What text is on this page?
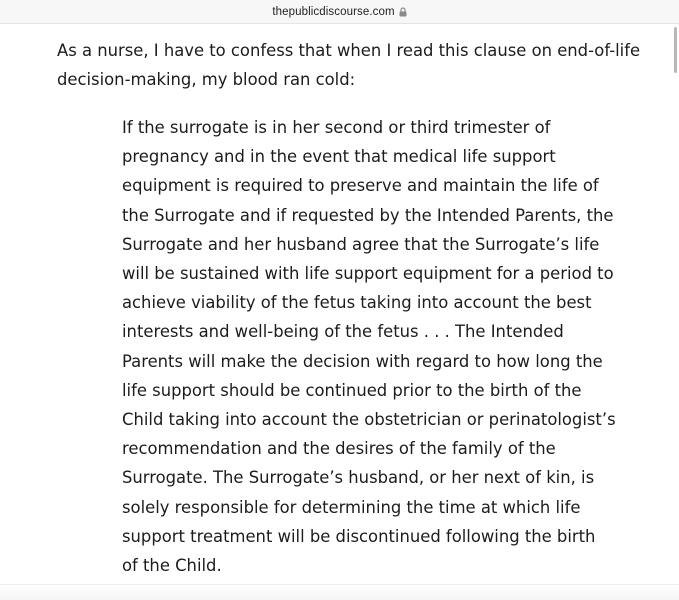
thepublicdiscourse.com

As a nurse, I have to confess that when I read this clause on end-of-life
decision-making, my blood ran cold:

If the surrogate is in her second or third trimester of
pregnancy and in the event that medical life support
equipment is required to preserve and maintain the life of
the Surrogate and if requested by the Intended Parents, the
Surrogate and her husband agree that the Surrogate’s life
will be sustained with life support equipment for a period to
achieve viability of the fetus taking into account the best
interests and well-being of the fetus . . . The Intended
Parents will make the decision with regard to how long the
life support should be continued prior to the birth of the
Child taking into account the obstetrician or perinatologist’s
recommendation and the desires of the family of the
Surrogate. The Surrogate’s husband, or her next of kin, is
solely responsible for determining the time at which life
support treatment will be discontinued following the birth
of the Child.
